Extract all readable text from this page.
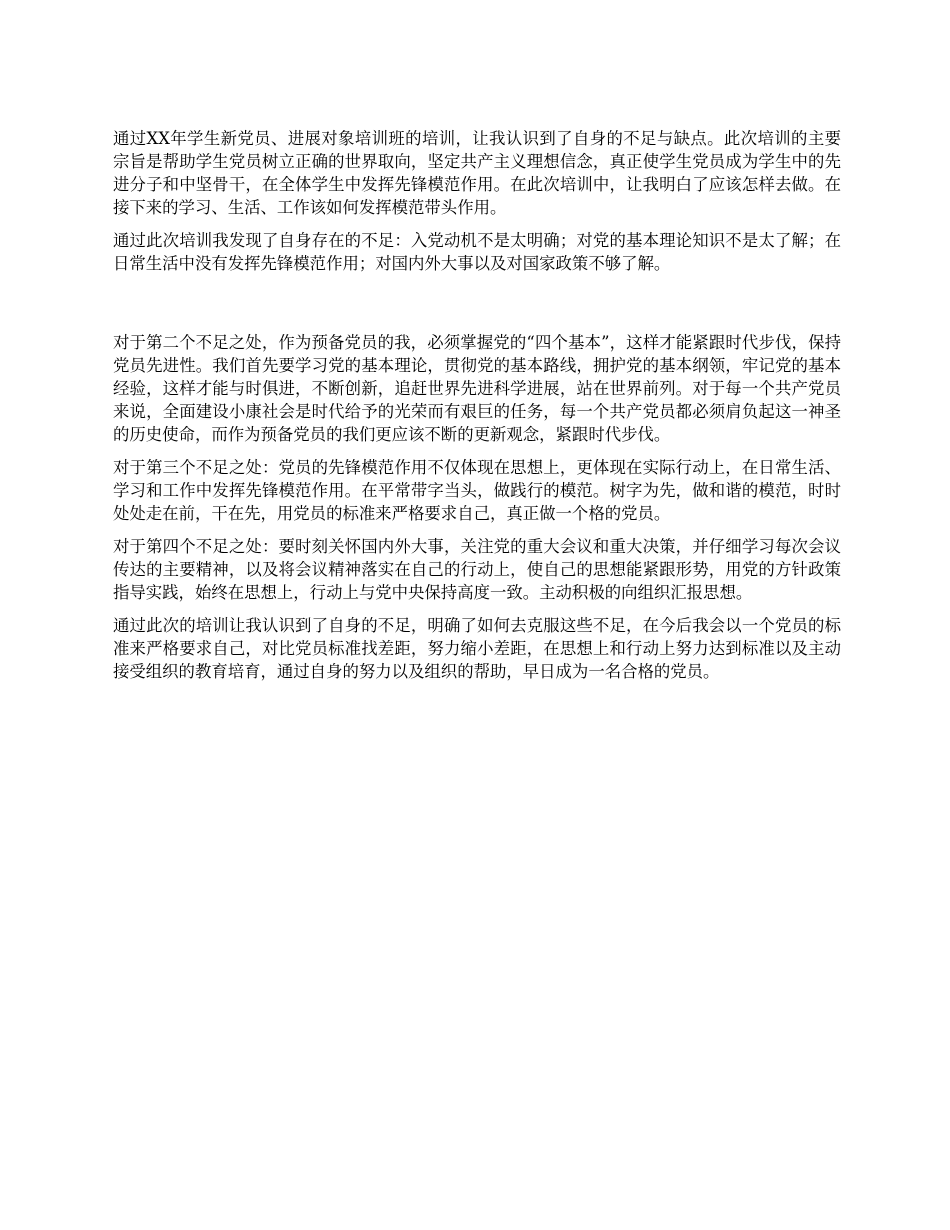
通过XX年学生新党员、进展对象培训班的培训，让我认识到了自身的不足与缺点。此次培训的主要宗旨是帮助学生党员树立正确的世界取向，坚定共产主义理想信念，真正使学生党员成为学生中的先进分子和中坚骨干，在全体学生中发挥先锋模范作用。在此次培训中，让我明白了应该怎样去做。在接下来的学习、生活、工作该如何发挥模范带头作用。

通过此次培训我发现了自身存在的不足：入党动机不是太明确；对党的基本理论知识不是太了解；在日常生活中没有发挥先锋模范作用；对国内外大事以及对国家政策不够了解。

对于第二个不足之处，作为预备党员的我，必须掌握党的“四个基本”，这样才能紧跟时代步伐，保持党员先进性。我们首先要学习党的基本理论，贯彻党的基本路线，拥护党的基本纲领，牢记党的基本经验，这样才能与时俱进，不断创新，追赶世界先进科学进展，站在世界前列。对于每一个共产党员来说，全面建设小康社会是时代给予的光荣而有艰巨的任务，每一个共产党员都必须肩负起这一神圣的历史使命，而作为预备党员的我们更应该不断的更新观念，紧跟时代步伐。

对于第三个不足之处：党员的先锋模范作用不仅体现在思想上，更体现在实际行动上，在日常生活、学习和工作中发挥先锋模范作用。在平常带字当头，做践行的模范。树字为先，做和谐的模范，时时处处走在前，干在先，用党员的标准来严格要求自己，真正做一个格的党员。

对于第四个不足之处：要时刻关怀国内外大事，关注党的重大会议和重大决策，并仔细学习每次会议传达的主要精神，以及将会议精神落实在自己的行动上，使自己的思想能紧跟形势，用党的方针政策指导实践，始终在思想上，行动上与党中央保持高度一致。主动积极的向组织汇报思想。

通过此次的培训让我认识到了自身的不足，明确了如何去克服这些不足，在今后我会以一个党员的标准来严格要求自己，对比党员标准找差距，努力缩小差距，在思想上和行动上努力达到标准以及主动接受组织的教育培育，通过自身的努力以及组织的帮助，早日成为一名合格的党员。
